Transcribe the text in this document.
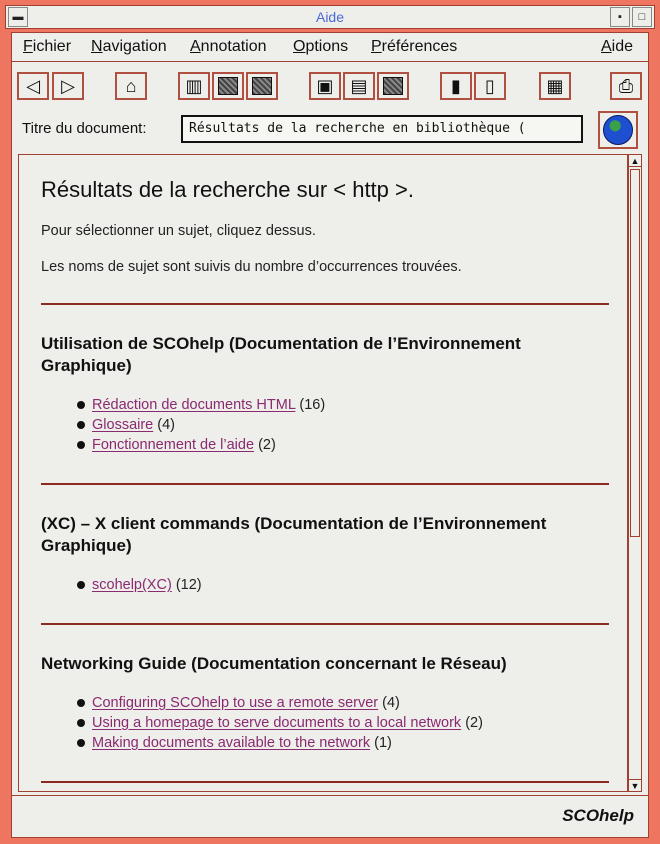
▬	Aide	▪	□
Fichier Navigation Annotation Options Préférences	Aide
◁ ▷	⌂	▥	▣ ▤	▮ ▯	▦	⎙
Titre du document:	Résultats de la recherche en bibliothèque (
Résultats de la recherche sur < http >.

Pour sélectionner un sujet, cliquez dessus.

Les noms de sujet sont suivis du nombre d’occurrences trouvées.

Utilisation de SCOhelp (Documentation de l’Environnement Graphique)
Rédaction de documents HTML (16)
Glossaire (4)
Fonctionnement de l’aide (2)
(XC) – X client commands (Documentation de l’Environnement Graphique)
scohelp(XC) (12)
Networking Guide (Documentation concernant le Réseau)
Configuring SCOhelp to use a remote server (4)
Using a homepage to serve documents to a local network (2)
Making documents available to the network (1)
▲
▼
SCOhelp
